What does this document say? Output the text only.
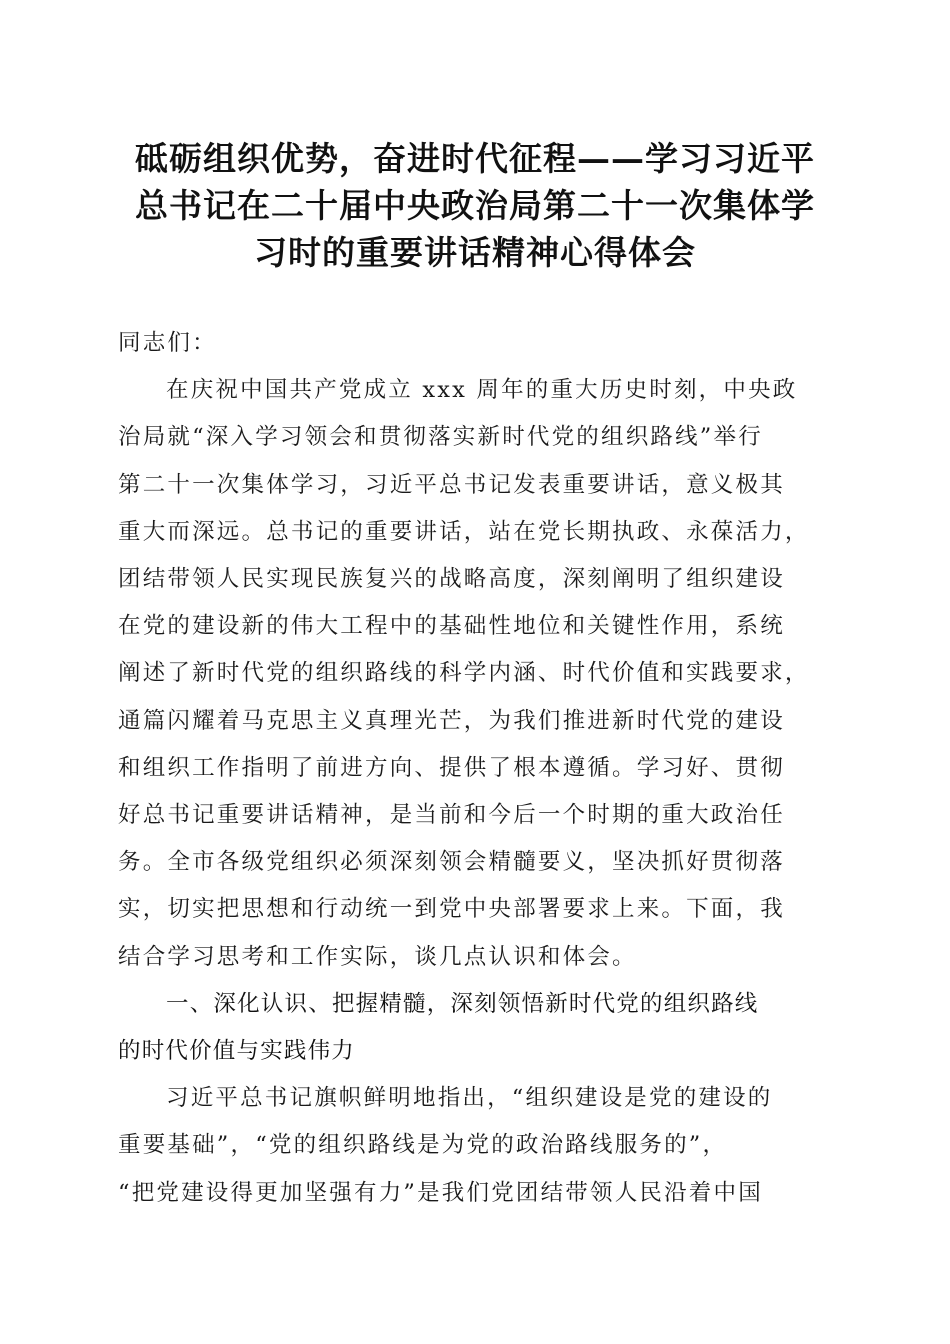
砥砺组织优势，奋进时代征程——学习习近平
总书记在二十届中央政治局第二十一次集体学
习时的重要讲话精神心得体会

同志们：

在庆祝中国共产党成立 xxx 周年的重大历史时刻，中央政
治局就“深入学习领会和贯彻落实新时代党的组织路线”举行
第二十一次集体学习，习近平总书记发表重要讲话，意义极其
重大而深远。总书记的重要讲话，站在党长期执政、永葆活力，
团结带领人民实现民族复兴的战略高度，深刻阐明了组织建设
在党的建设新的伟大工程中的基础性地位和关键性作用，系统
阐述了新时代党的组织路线的科学内涵、时代价值和实践要求，
通篇闪耀着马克思主义真理光芒，为我们推进新时代党的建设
和组织工作指明了前进方向、提供了根本遵循。学习好、贯彻
好总书记重要讲话精神，是当前和今后一个时期的重大政治任
务。全市各级党组织必须深刻领会精髓要义，坚决抓好贯彻落
实，切实把思想和行动统一到党中央部署要求上来。下面，我
结合学习思考和工作实际，谈几点认识和体会。

一、深化认识、把握精髓，深刻领悟新时代党的组织路线
的时代价值与实践伟力

习近平总书记旗帜鲜明地指出，“组织建设是党的建设的
重要基础”，“党的组织路线是为党的政治路线服务的”，
“把党建设得更加坚强有力”是我们党团结带领人民沿着中国
